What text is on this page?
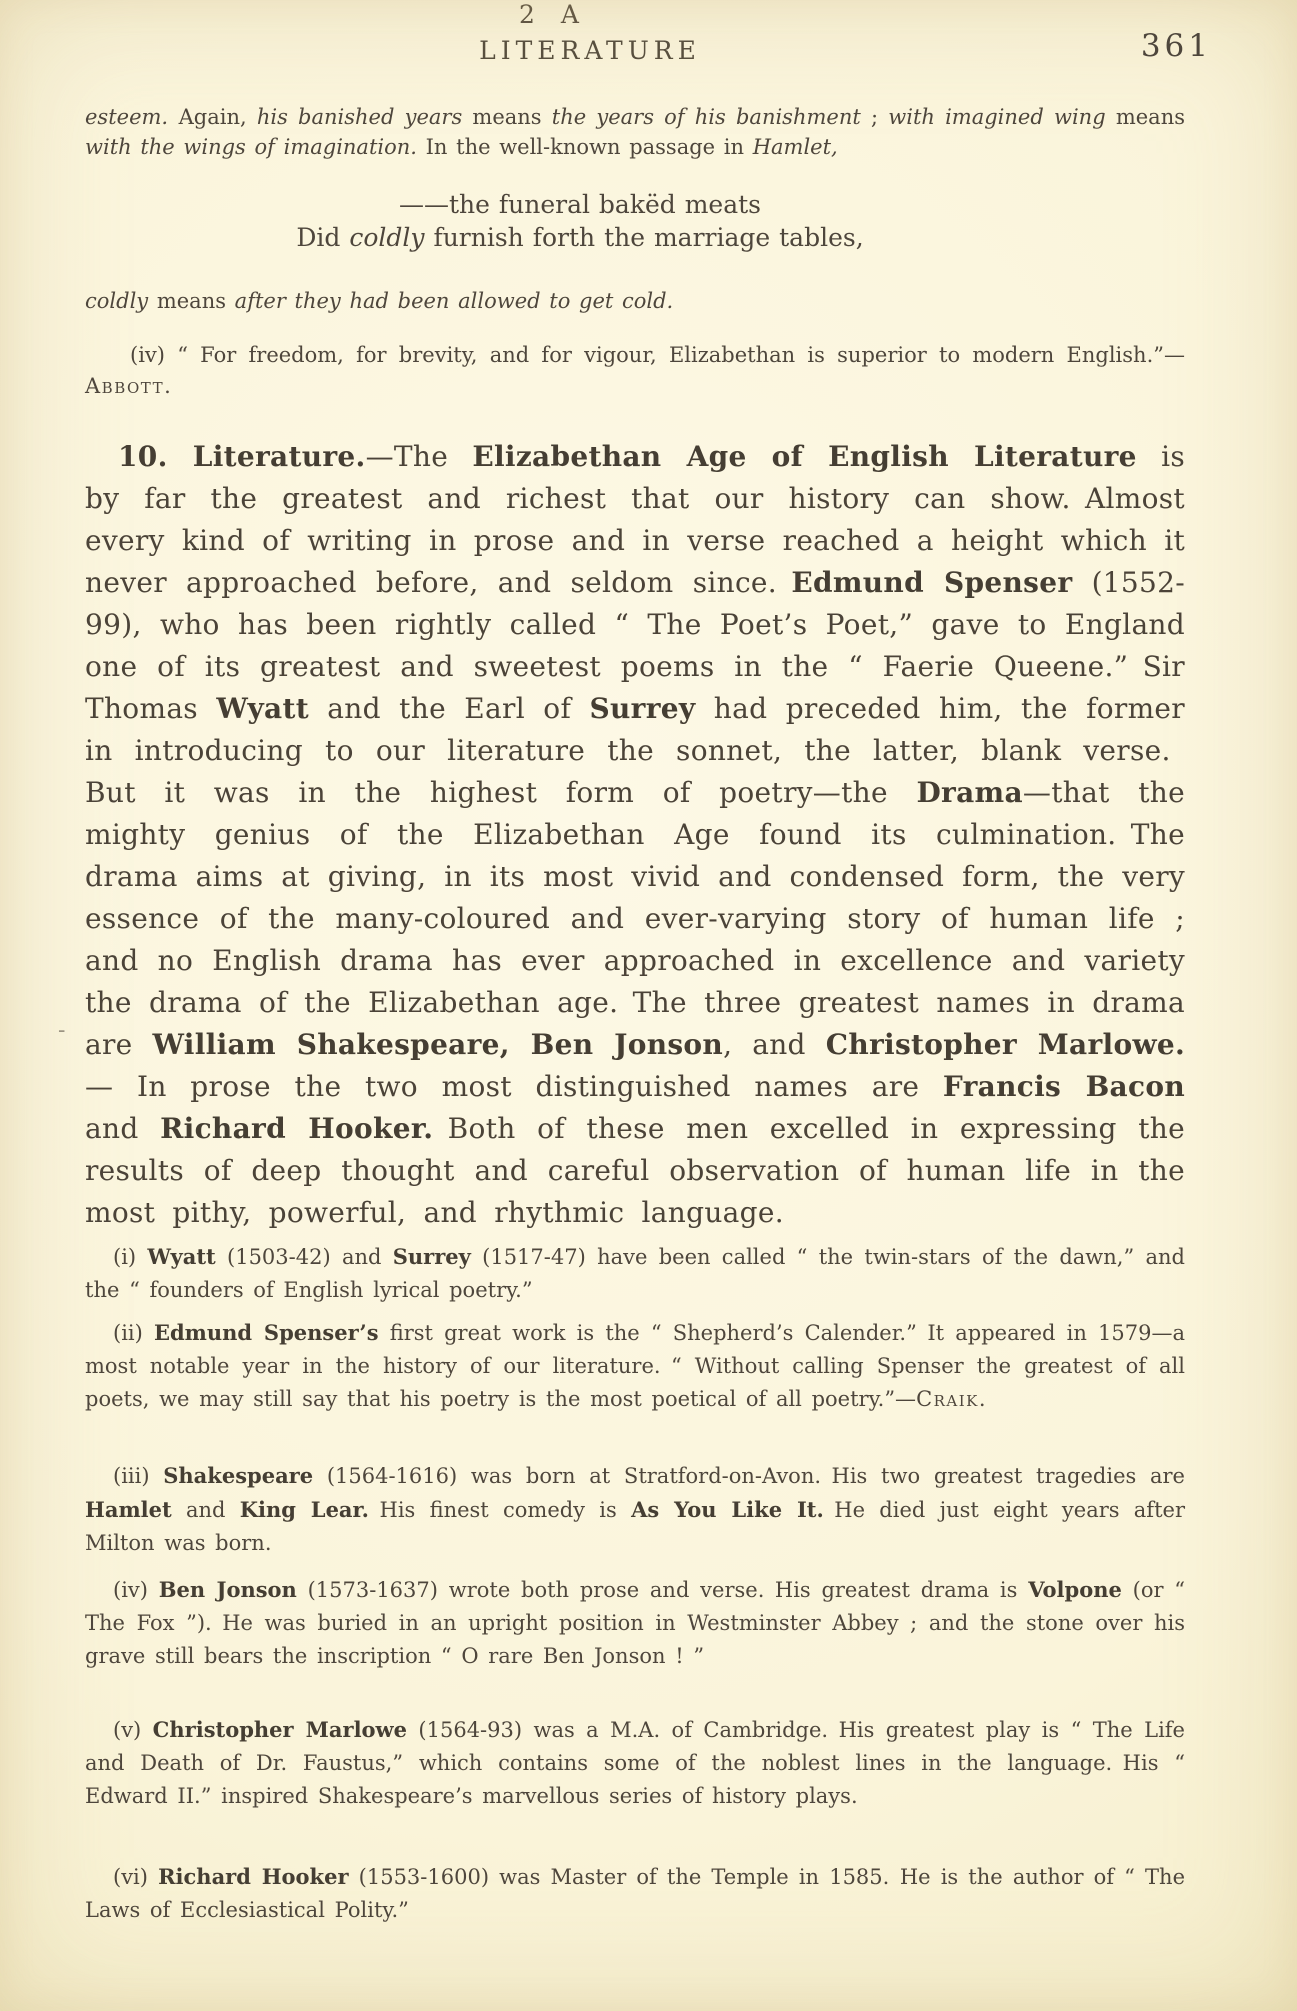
LITERATURE	361
esteem. Again, his banished years means the years of his banishment ; with imagined wing means with the wings of imagination. In the well-known passage in Hamlet,
——the funeral bakëd meats
Did coldly furnish forth the marriage tables,
coldly means after they had been allowed to get cold.
(iv) “ For freedom, for brevity, and for vigour, Elizabethan is superior to modern English.”—Abbott.
10. Literature.—The Elizabethan Age of English Literature is by far the greatest and richest that our history can show. Almost every kind of writing in prose and in verse reached a height which it never approached before, and seldom since. Edmund Spenser (1552-99), who has been rightly called “ The Poet’s Poet,” gave to England one of its greatest and sweetest poems in the “ Faerie Queene.” Sir Thomas Wyatt and the Earl of Surrey had preceded him, the former in introducing to our literature the sonnet, the latter, blank verse. But it was in the highest form of poetry—the Drama—that the mighty genius of the Elizabethan Age found its culmination. The drama aims at giving, in its most vivid and condensed form, the very essence of the many-coloured and ever-varying story of human life ; and no English drama has ever approached in excellence and variety the drama of the Elizabethan age. The three greatest names in drama are William Shakespeare, Ben Jonson, and Christopher Marlowe.— In prose the two most distinguished names are Francis Bacon and Richard Hooker. Both of these men excelled in expressing the results of deep thought and careful observation of human life in the most pithy, powerful, and rhythmic language.
-
(i) Wyatt (1503-42) and Surrey (1517-47) have been called “ the twin-stars of the dawn,” and the “ founders of English lyrical poetry.”
(ii) Edmund Spenser’s first great work is the “ Shepherd’s Calender.” It appeared in 1579—a most notable year in the history of our literature. “ Without calling Spenser the greatest of all poets, we may still say that his poetry is the most poetical of all poetry.”—Craik.
(iii) Shakespeare (1564-1616) was born at Stratford-on-Avon. His two greatest tragedies are Hamlet and King Lear. His finest comedy is As You Like It. He died just eight years after Milton was born.
(iv) Ben Jonson (1573-1637) wrote both prose and verse. His greatest drama is Volpone (or “ The Fox ”). He was buried in an upright position in Westminster Abbey ; and the stone over his grave still bears the inscription “ O rare Ben Jonson ! ”
(v) Christopher Marlowe (1564-93) was a M.A. of Cambridge. His greatest play is “ The Life and Death of Dr. Faustus,” which contains some of the noblest lines in the language. His “ Edward II.” inspired Shakespeare’s marvellous series of history plays.
(vi) Richard Hooker (1553-1600) was Master of the Temple in 1585. He is the author of “ The Laws of Ecclesiastical Polity.”
2 A
